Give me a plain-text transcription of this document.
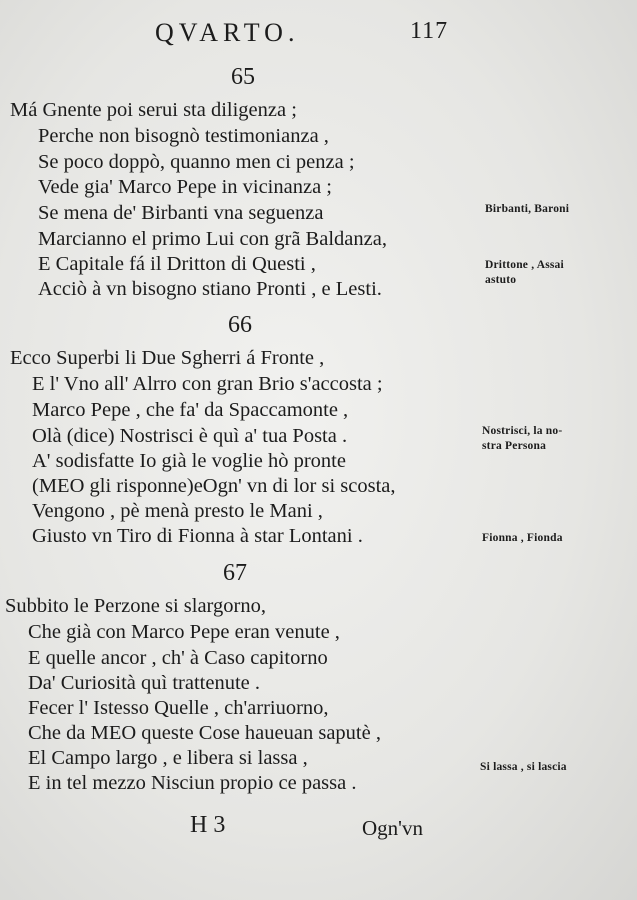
QVARTO.	117
65
Má Gnente poi serui sta diligenza ;
Perche non bisognò testimonianza ,
Se poco doppò, quanno men ci penza ;
Vede gia' Marco Pepe in vicinanza ;
Se mena de' Birbanti vna seguenza
Marcianno el primo Lui con grã Baldanza,
E Capitale fá il Dritton di Questi ,
Acciò à vn bisogno stiano Pronti , e Lesti.
Birbanti, Baroni
Drittone , Assai
astuto
66
Ecco Superbi li Due Sgherri á Fronte ,
E l' Vno all' Alrro con gran Brio s'accosta ;
Marco Pepe , che fa' da Spaccamonte ,
Olà (dice) Nostrisci è quì a' tua Posta .
A' sodisfatte Io già le voglie hò pronte
(MEO gli risponne)eOgn' vn di lor si scosta,
Vengono , pè menà presto le Mani ,
Giusto vn Tiro di Fionna à star Lontani .
Nostrisci, la no-
stra Persona
Fionna , Fionda
67
Subbito le Perzone si slargorno,
Che già con Marco Pepe eran venute ,
E quelle ancor , ch' à Caso capitorno
Da' Curiosità quì trattenute .
Fecer l' Istesso Quelle , ch'arriuorno,
Che da MEO queste Cose haueuan saputè ,
El Campo largo , e libera si lassa ,
E in tel mezzo Nisciun propio ce passa .
Si lassa , si lascia
H 3	Ogn'vn
